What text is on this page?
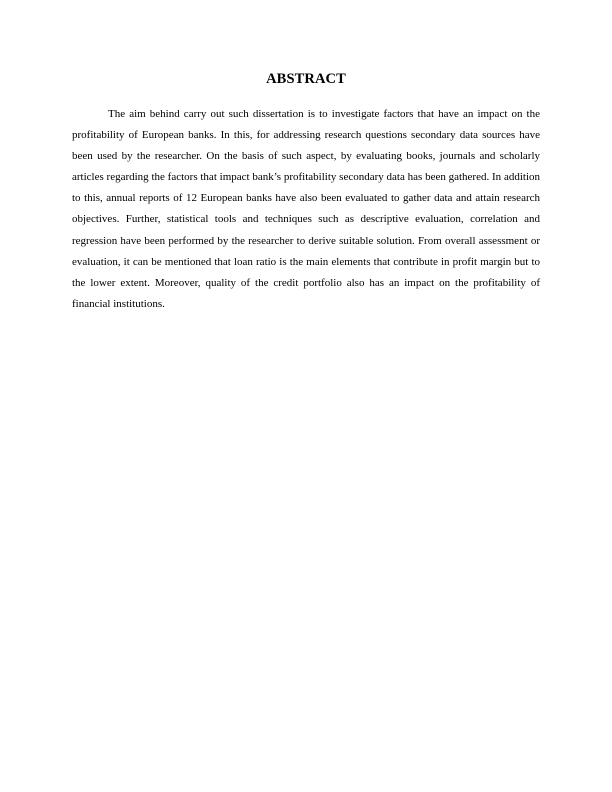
ABSTRACT

The aim behind carry out such dissertation is to investigate factors that have an impact on the profitability of European banks. In this, for addressing research questions secondary data sources have been used by the researcher. On the basis of such aspect, by evaluating books, journals and scholarly articles regarding the factors that impact bank’s profitability secondary data has been gathered. In addition to this, annual reports of 12 European banks have also been evaluated to gather data and attain research objectives. Further, statistical tools and techniques such as descriptive evaluation, correlation and regression have been performed by the researcher to derive suitable solution. From overall assessment or evaluation, it can be mentioned that loan ratio is the main elements that contribute in profit margin but to the lower extent. Moreover, quality of the credit portfolio also has an impact on the profitability of financial institutions.
